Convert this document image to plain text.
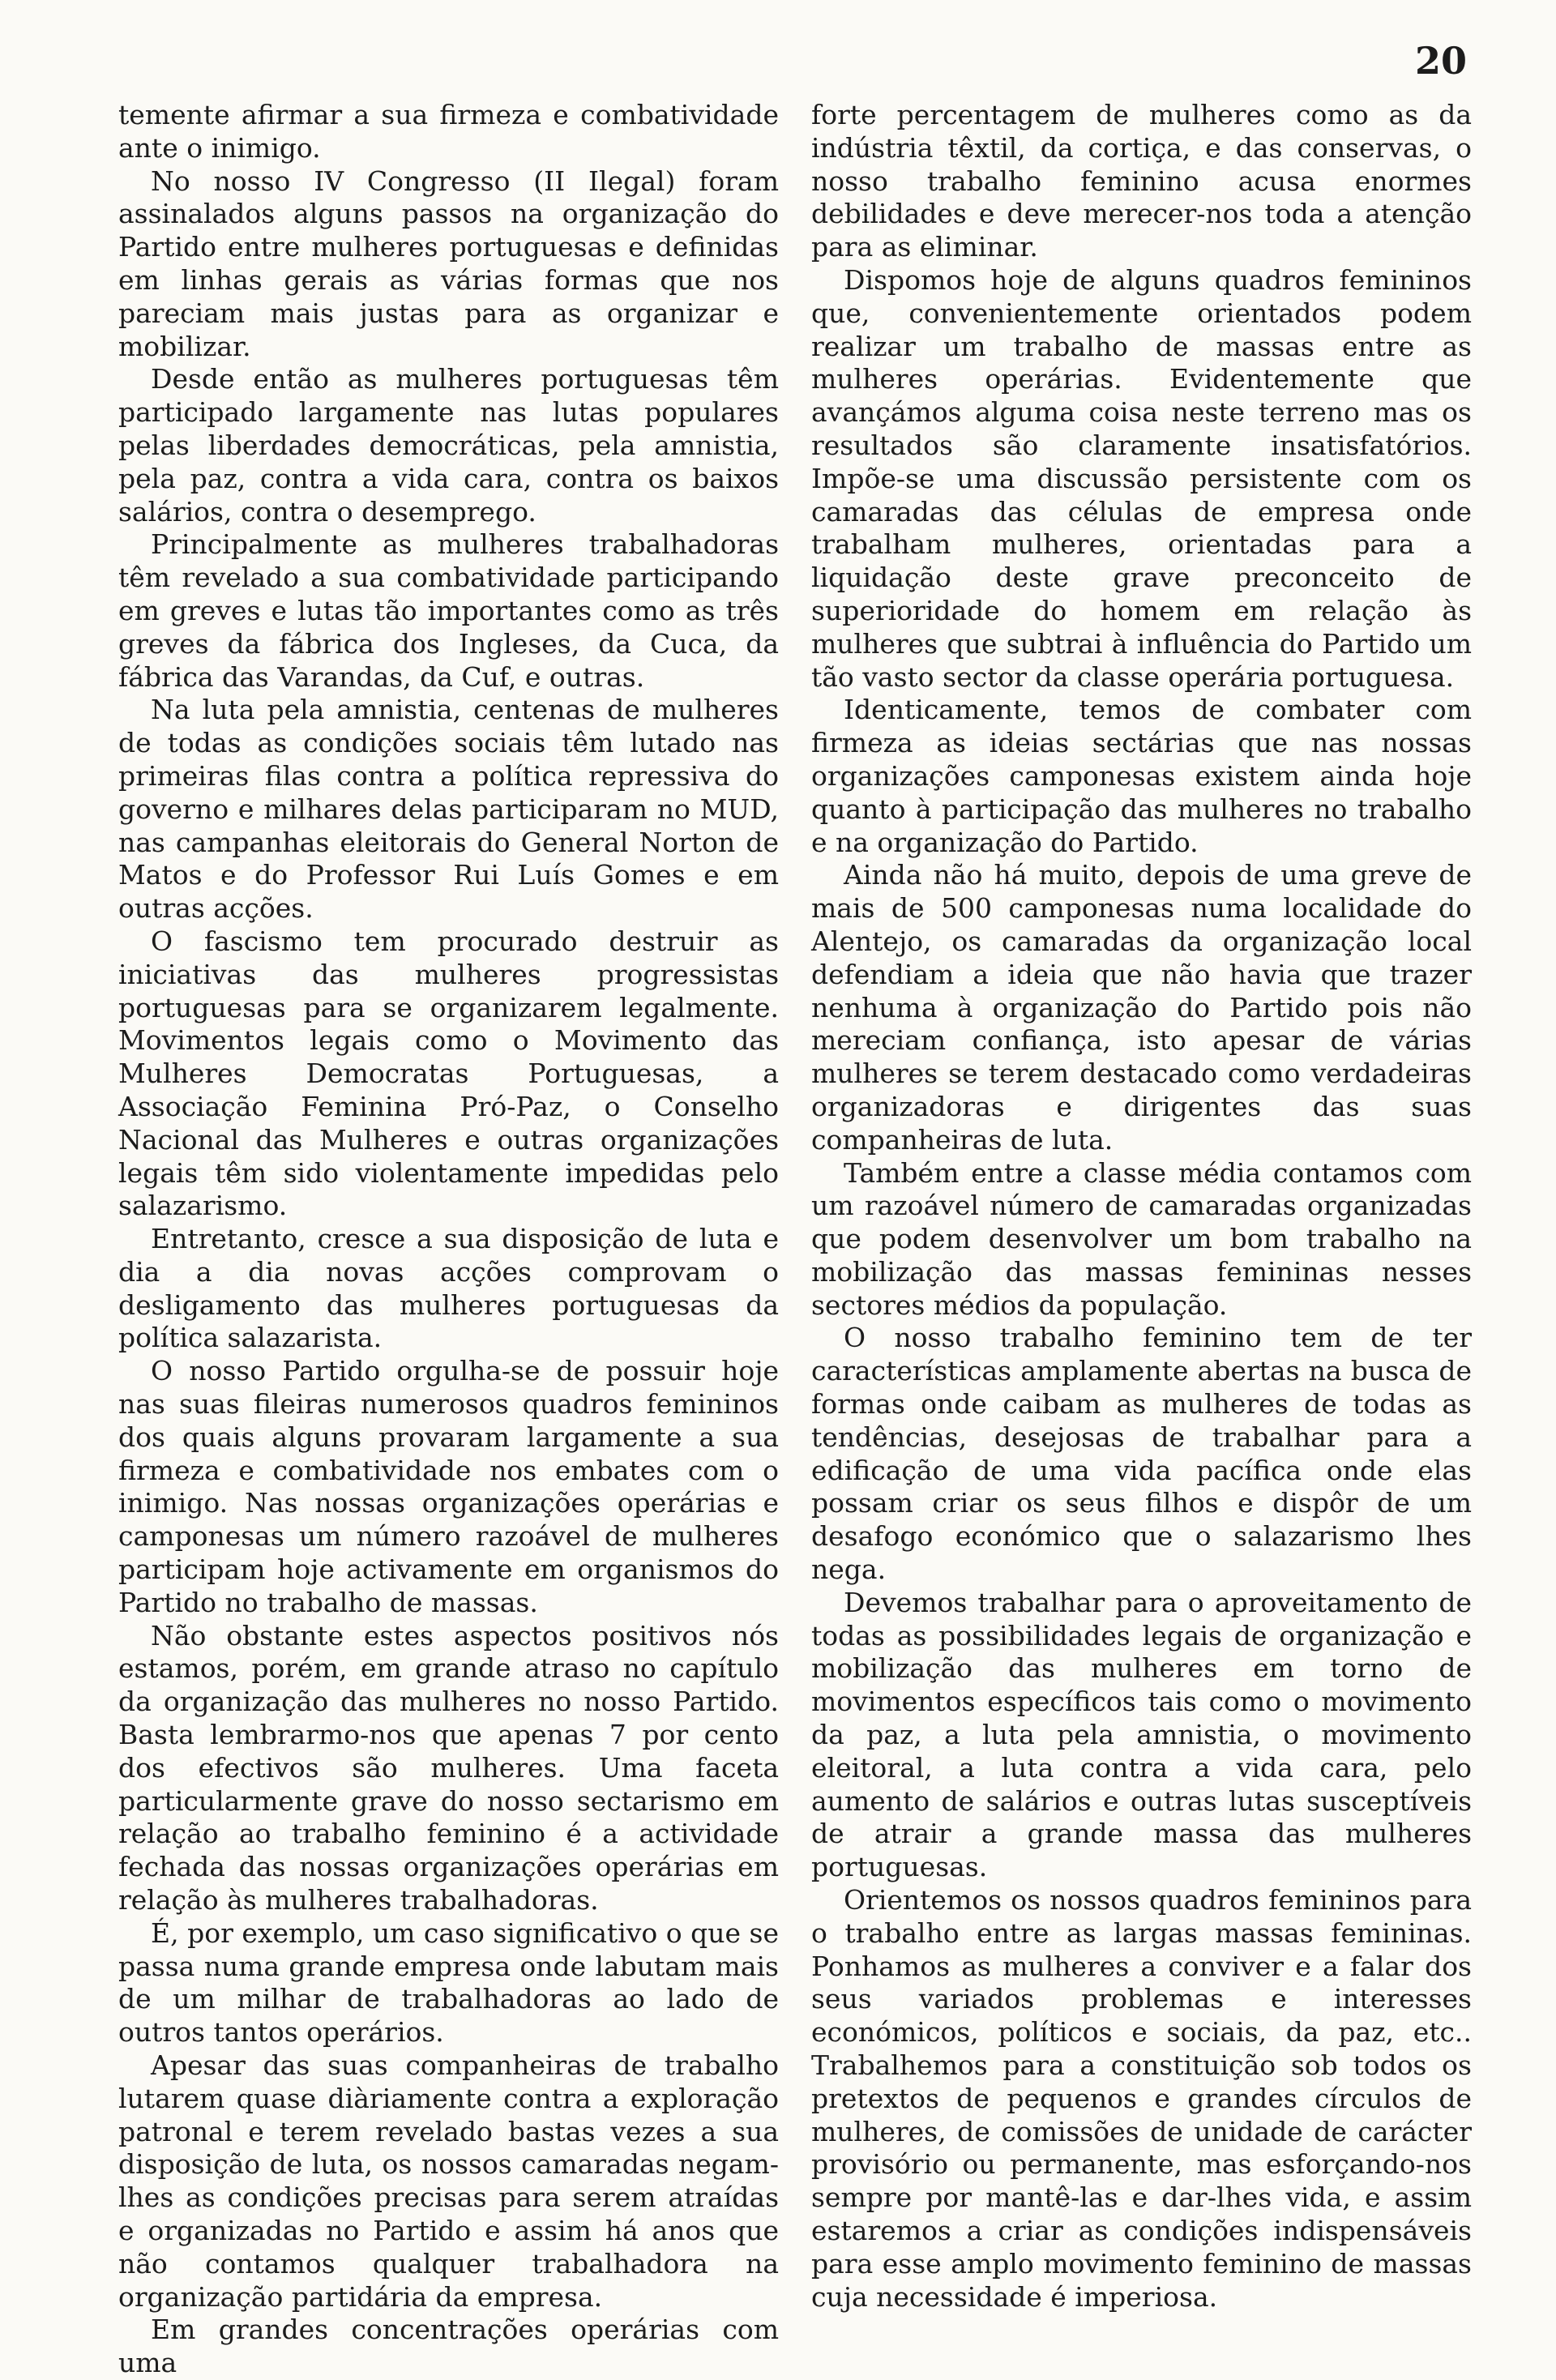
20

temente afirmar a sua firmeza e combatividade ante o inimigo.

No nosso IV Congresso (II Ilegal) foram assinalados alguns passos na organização do Partido entre mulheres portuguesas e definidas em linhas gerais as várias formas que nos pareciam mais justas para as organizar e mobilizar.

Desde então as mulheres portuguesas têm participado largamente nas lutas populares pelas liberdades democráticas, pela amnistia, pela paz, contra a vida cara, contra os baixos salários, contra o desemprego.

Principalmente as mulheres trabalhadoras têm revelado a sua combatividade participando em greves e lutas tão importantes como as três greves da fábrica dos Ingleses, da Cuca, da fábrica das Varandas, da Cuf, e outras.

Na luta pela amnistia, centenas de mulheres de todas as condições sociais têm lutado nas primeiras filas contra a política repressiva do governo e milhares delas participaram no MUD, nas campanhas eleitorais do General Norton de Matos e do Professor Rui Luís Gomes e em outras acções.

O fascismo tem procurado destruir as iniciativas das mulheres progressistas portuguesas para se organizarem legalmente. Movimentos legais como o Movimento das Mulheres Democratas Portuguesas, a Associação Feminina Pró-Paz, o Conselho Nacional das Mulheres e outras organizações legais têm sido violentamente impedidas pelo salazarismo.

Entretanto, cresce a sua disposição de luta e dia a dia novas acções comprovam o desligamento das mulheres portuguesas da política salazarista.

O nosso Partido orgulha-se de possuir hoje nas suas fileiras numerosos quadros femininos dos quais alguns provaram largamente a sua firmeza e combatividade nos embates com o inimigo. Nas nossas organizações operárias e camponesas um número razoável de mulheres participam hoje activamente em organismos do Partido no trabalho de massas.

Não obstante estes aspectos positivos nós estamos, porém, em grande atraso no capítulo da organização das mulheres no nosso Partido. Basta lembrarmo-nos que apenas 7 por cento dos efectivos são mulheres. Uma faceta particularmente grave do nosso sectarismo em relação ao trabalho feminino é a actividade fechada das nossas organizações operárias em relação às mulheres trabalhadoras.

É, por exemplo, um caso significativo o que se passa numa grande empresa onde labutam mais de um milhar de trabalhadoras ao lado de outros tantos operários.

Apesar das suas companheiras de trabalho lutarem quase diàriamente contra a exploração patronal e terem revelado bastas vezes a sua disposição de luta, os nossos camaradas negam-lhes as condições precisas para serem atraídas e organizadas no Partido e assim há anos que não contamos qualquer trabalhadora na organização partidária da empresa.

Em grandes concentrações operárias com uma

forte percentagem de mulheres como as da indústria têxtil, da cortiça, e das conservas, o nosso trabalho feminino acusa enormes debilidades e deve merecer-nos toda a atenção para as eliminar.

Dispomos hoje de alguns quadros femininos que, convenientemente orientados podem realizar um trabalho de massas entre as mulheres operárias. Evidentemente que avançámos alguma coisa neste terreno mas os resultados são claramente insatisfatórios. Impõe-se uma discussão persistente com os camaradas das células de empresa onde trabalham mulheres, orientadas para a liquidação deste grave preconceito de superioridade do homem em relação às mulheres que subtrai à influência do Partido um tão vasto sector da classe operária portuguesa.

Identicamente, temos de combater com firmeza as ideias sectárias que nas nossas organizações camponesas existem ainda hoje quanto à participação das mulheres no trabalho e na organização do Partido.

Ainda não há muito, depois de uma greve de mais de 500 camponesas numa localidade do Alentejo, os camaradas da organização local defendiam a ideia que não havia que trazer nenhuma à organização do Partido pois não mereciam confiança, isto apesar de várias mulheres se terem destacado como verdadeiras organizadoras e dirigentes das suas companheiras de luta.

Também entre a classe média contamos com um razoável número de camaradas organizadas que podem desenvolver um bom trabalho na mobilização das massas femininas nesses sectores médios da população.

O nosso trabalho feminino tem de ter características amplamente abertas na busca de formas onde caibam as mulheres de todas as tendências, desejosas de trabalhar para a edificação de uma vida pacífica onde elas possam criar os seus filhos e dispôr de um desafogo económico que o salazarismo lhes nega.

Devemos trabalhar para o aproveitamento de todas as possibilidades legais de organização e mobilização das mulheres em torno de movimentos específicos tais como o movimento da paz, a luta pela amnistia, o movimento eleitoral, a luta contra a vida cara, pelo aumento de salários e outras lutas susceptíveis de atrair a grande massa das mulheres portuguesas.

Orientemos os nossos quadros femininos para o trabalho entre as largas massas femininas. Ponhamos as mulheres a conviver e a falar dos seus variados problemas e interesses económicos, políticos e sociais, da paz, etc.. Trabalhemos para a constituição sob todos os pretextos de pequenos e grandes círculos de mulheres, de comissões de unidade de carácter provisório ou permanente, mas esforçando-nos sempre por mantê-las e dar-lhes vida, e assim estaremos a criar as condições indispensáveis para esse amplo movimento feminino de massas cuja necessidade é imperiosa.
